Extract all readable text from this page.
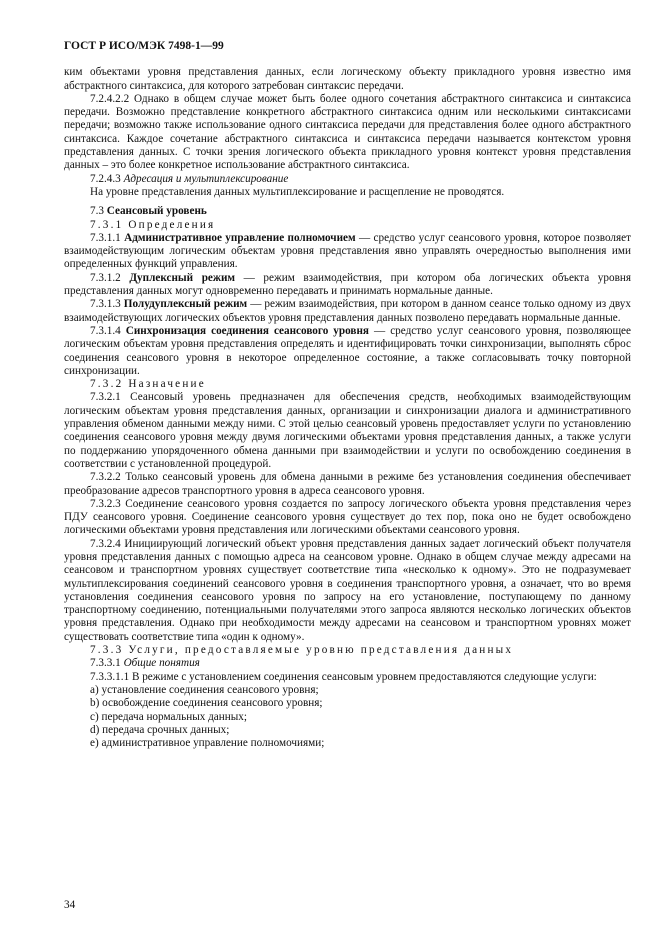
ГОСТ Р ИСО/МЭК 7498-1—99

ким объектами уровня представления данных, если логическому объекту прикладного уровня известно имя абстрактного синтаксиса, для которого затребован синтаксис передачи.

7.2.4.2.2 Однако в общем случае может быть более одного сочетания абстрактного синтаксиса и синтаксиса передачи. Возможно представление конкретного абстрактного синтаксиса одним или несколькими синтаксисами передачи; возможно также использование одного синтаксиса передачи для представления более одного абстрактного синтаксиса. Каждое сочетание абстрактного синтаксиса и синтаксиса передачи называется контекстом уровня представления данных. С точки зрения логического объекта прикладного уровня контекст уровня представления данных – это более конкретное использование абстрактного синтаксиса.

7.2.4.3 Адресация и мультиплексирование

На уровне представления данных мультиплексирование и расщепление не проводятся.

7.3 Сеансовый уровень

7.3.1 Определения

7.3.1.1 Административное управление полномочием — средство услуг сеансового уровня, которое позволяет взаимодействующим логическим объектам уровня представления явно управлять очередностью выполнения ими определенных функций управления.

7.3.1.2 Дуплексный режим — режим взаимодействия, при котором оба логических объекта уровня представления данных могут одновременно передавать и принимать нормальные данные.

7.3.1.3 Полудуплексный режим — режим взаимодействия, при котором в данном сеансе только одному из двух взаимодействующих логических объектов уровня представления данных позволено передавать нормальные данные.

7.3.1.4 Синхронизация соединения сеансового уровня — средство услуг сеансового уровня, позволяющее логическим объектам уровня представления определять и идентифицировать точки синхронизации, выполнять сброс соединения сеансового уровня в некоторое определенное состояние, а также согласовывать точку повторной синхронизации.

7.3.2 Назначение

7.3.2.1 Сеансовый уровень предназначен для обеспечения средств, необходимых взаимодействующим логическим объектам уровня представления данных, организации и синхронизации диалога и административного управления обменом данными между ними. С этой целью сеансовый уровень предоставляет услуги по установлению соединения сеансового уровня между двумя логическими объектами уровня представления данных, а также услуги по поддержанию упорядоченного обмена данными при взаимодействии и услуги по освобождению соединения в соответствии с установленной процедурой.

7.3.2.2 Только сеансовый уровень для обмена данными в режиме без установления соединения обеспечивает преобразование адресов транспортного уровня в адреса сеансового уровня.

7.3.2.3 Соединение сеансового уровня создается по запросу логического объекта уровня представления через ПДУ сеансового уровня. Соединение сеансового уровня существует до тех пор, пока оно не будет освобождено логическими объектами уровня представления или логическими объектами сеансового уровня.

7.3.2.4 Инициирующий логический объект уровня представления данных задает логический объект получателя уровня представления данных с помощью адреса на сеансовом уровне. Однако в общем случае между адресами на сеансовом и транспортном уровнях существует соответствие типа «несколько к одному». Это не подразумевает мультиплексирования соединений сеансового уровня в соединения транспортного уровня, а означает, что во время установления соединения сеансового уровня по запросу на его установление, поступающему по данному транспортному соединению, потенциальными получателями этого запроса являются несколько логических объектов уровня представления. Однако при необходимости между адресами на сеансовом и транспортном уровнях может существовать соответствие типа «один к одному».

7.3.3 Услуги, предоставляемые уровню представления данных

7.3.3.1 Общие понятия

7.3.3.1.1 В режиме с установлением соединения сеансовым уровнем предоставляются следующие услуги:

a) установление соединения сеансового уровня;
b) освобождение соединения сеансового уровня;
c) передача нормальных данных;
d) передача срочных данных;
e) административное управление полномочиями;
34
